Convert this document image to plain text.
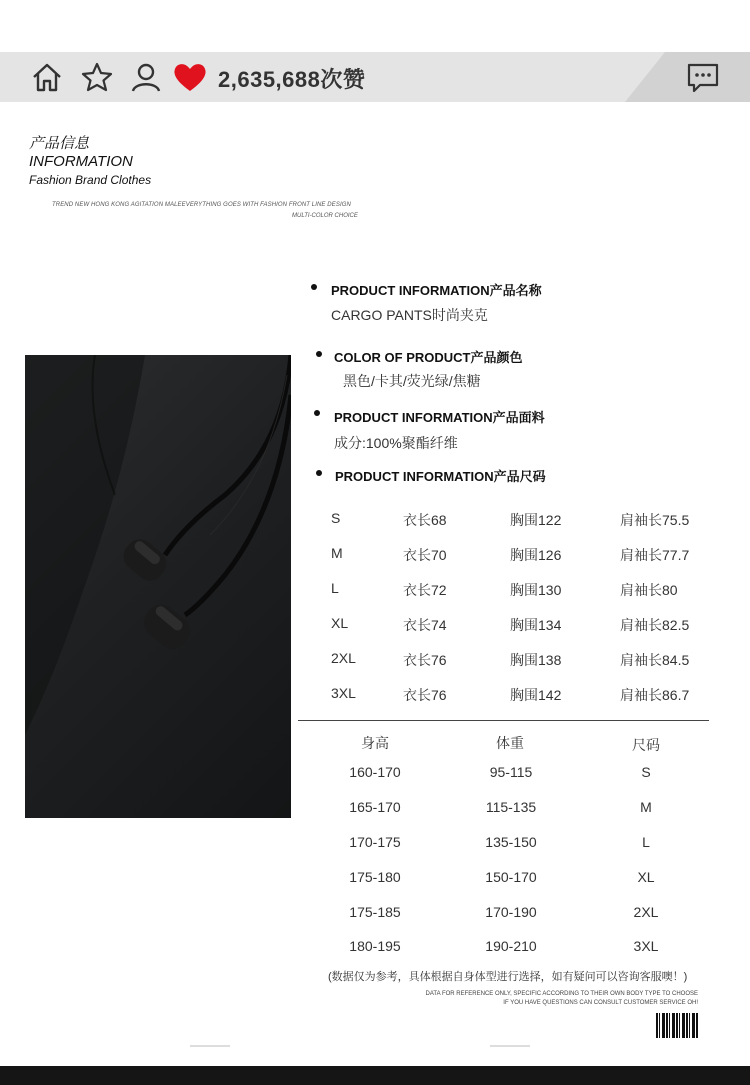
2,635,688次赞
产品信息
INFORMATION
Fashion Brand Clothes
TREND NEW HONG KONG AGITATION MALEEVERYTHING GOES WITH FASHION FRONT LINE DESIGN
MULTI-COLOR CHOICE
PRODUCT INFORMATION产品名称
CARGO PANTS时尚夹克
COLOR OF PRODUCT产品颜色
黑色/卡其/荧光绿/焦糖
PRODUCT INFORMATION产品面料
成分:100%聚酯纤维
PRODUCT INFORMATION产品尺码
S	衣长68	胸围122	肩袖长75.5
M	衣长70	胸围126	肩袖长77.7
L	衣长72	胸围130	肩袖长80
XL	衣长74	胸围134	肩袖长82.5
2XL	衣长76	胸围138	肩袖长84.5
3XL	衣长76	胸围142	肩袖长86.7
身高	体重	尺码
160-170	95-115	S
165-170	115-135	M
170-175	135-150	L
175-180	150-170	XL
175-185	170-190	2XL
180-195	190-210	3XL
(数据仅为参考，具体根据自身体型进行选择，如有疑问可以咨询客服噢！)
DATA FOR REFERENCE ONLY, SPECIFIC ACCORDING TO THEIR OWN BODY TYPE TO CHOOSE
IF YOU HAVE QUESTIONS CAN CONSULT CUSTOMER SERVICE OH!
